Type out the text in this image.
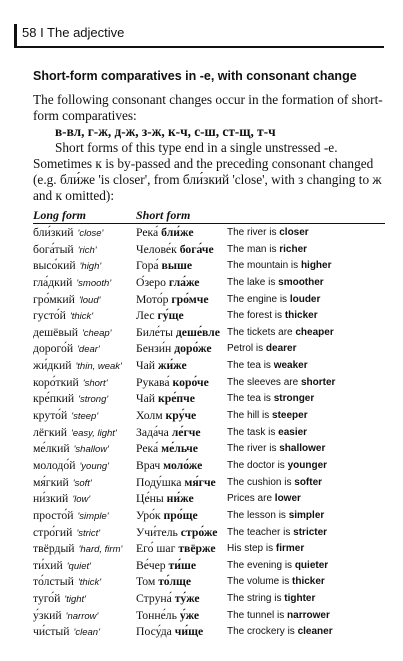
58 I The adjective
Short-form comparatives in -e, with consonant change

The following consonant changes occur in the formation of short-form comparatives:

в-вл, г-ж, д-ж, з-ж, к-ч, с-ш, ст-щ, т-ч

Short forms of this type end in a single unstressed -e. Sometimes к is by-passed and the preceding consonant changed (e.g. бли́же 'is closer', from бли́зкий 'close', with з changing to ж and к omitted):

Long form	Short form
бли́зкий 'close'	Река́ бли́же	The river is closer
бога́тый 'rich'	Челове́к бога́че The man is richer
высо́кий 'high'	Гора́ выше	The mountain is higher
гла́дкий 'smooth' О́зеро гла́же	The lake is smoother
гро́мкий 'loud'	Мото́р гро́мче The engine is louder
густо́й 'thick'	Лес гу́ще	The forest is thicker
дешёвый 'cheap' Биле́ты деше́вле The tickets are cheaper
дорого́й 'dear'	Бензи́н доро́же Petrol is dearer
жи́дкий 'thin, weak' Чай жи́же	The tea is weaker
коро́ткий 'short' Рукава́ коро́че The sleeves are shorter
кре́пкий 'strong' Чай кре́пче	The tea is stronger
круто́й 'steep'	Холм кру́че	The hill is steeper
лёгкий 'easy, light' Зада́ча ле́гче	The task is easier
ме́лкий 'shallow' Река́ ме́льче	The river is shallower
молодо́й 'young' Врач моло́же The doctor is younger
мя́гкий 'soft'	Поду́шка мя́гче The cushion is softer
ни́зкий 'low'	Це́ны ни́же	Prices are lower
просто́й 'simple' Уро́к про́ще	The lesson is simpler
стро́гий 'strict'	Учи́тель стро́же The teacher is stricter
твёрдый 'hard, firm' Его́ шаг твёрже His step is firmer
ти́хий 'quiet'	Ве́чер ти́ше	The evening is quieter
то́лстый 'thick'	Том то́лще	The volume is thicker
туго́й 'tight'	Струна́ ту́же	The string is tighter
у́зкий 'narrow'	Тонне́ль у́же	The tunnel is narrower
чи́стый 'clean'	Посу́да чи́ще The crockery is cleaner
